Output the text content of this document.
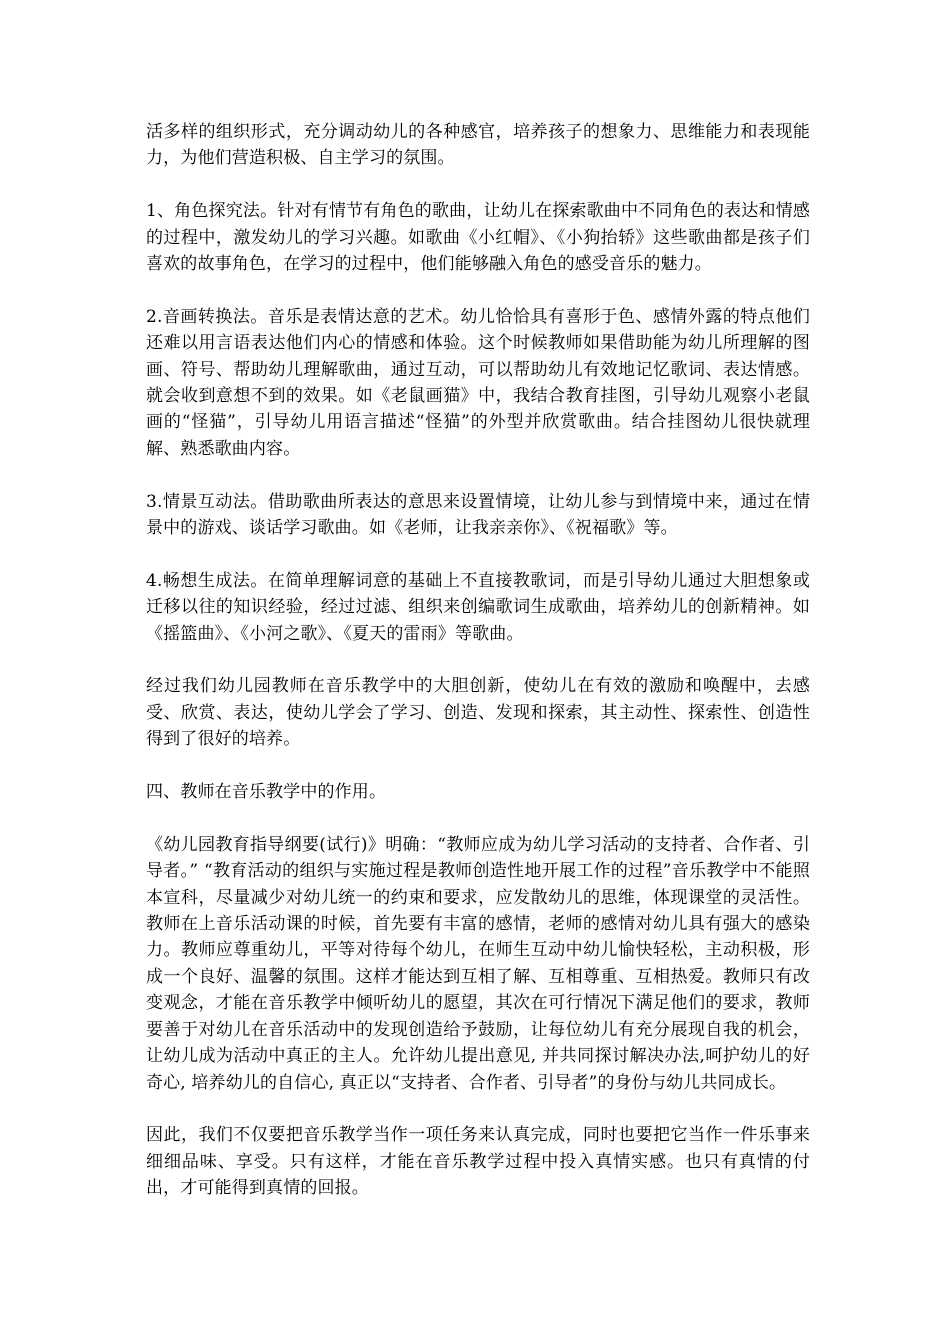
活多样的组织形式，充分调动幼儿的各种感官，培养孩子的想象力、思维能力和表现能力，为他们营造积极、自主学习的氛围。

1、角色探究法。针对有情节有角色的歌曲，让幼儿在探索歌曲中不同角色的表达和情感的过程中，激发幼儿的学习兴趣。如歌曲《小红帽》、《小狗抬轿》这些歌曲都是孩子们喜欢的故事角色，在学习的过程中，他们能够融入角色的感受音乐的魅力。

2.音画转换法。音乐是表情达意的艺术。幼儿恰恰具有喜形于色、感情外露的特点他们还难以用言语表达他们内心的情感和体验。这个时候教师如果借助能为幼儿所理解的图画、符号、帮助幼儿理解歌曲，通过互动，可以帮助幼儿有效地记忆歌词、表达情感。就会收到意想不到的效果。如《老鼠画猫》中，我结合教育挂图，引导幼儿观察小老鼠画的“怪猫”，引导幼儿用语言描述“怪猫”的外型并欣赏歌曲。结合挂图幼儿很快就理解、熟悉歌曲内容。

3.情景互动法。借助歌曲所表达的意思来设置情境，让幼儿参与到情境中来，通过在情景中的游戏、谈话学习歌曲。如《老师，让我亲亲你》、《祝福歌》等。

4.畅想生成法。在简单理解词意的基础上不直接教歌词，而是引导幼儿通过大胆想象或迁移以往的知识经验，经过过滤、组织来创编歌词生成歌曲，培养幼儿的创新精神。如《摇篮曲》、《小河之歌》、《夏天的雷雨》等歌曲。

经过我们幼儿园教师在音乐教学中的大胆创新，使幼儿在有效的激励和唤醒中，去感受、欣赏、表达，使幼儿学会了学习、创造、发现和探索，其主动性、探索性、创造性得到了很好的培养。

四、教师在音乐教学中的作用。

《幼儿园教育指导纲要(试行)》明确：“教师应成为幼儿学习活动的支持者、合作者、引导者。” “教育活动的组织与实施过程是教师创造性地开展工作的过程”音乐教学中不能照本宣科，尽量减少对幼儿统一的约束和要求，应发散幼儿的思维，体现课堂的灵活性。教师在上音乐活动课的时候，首先要有丰富的感情，老师的感情对幼儿具有强大的感染力。教师应尊重幼儿，平等对待每个幼儿，在师生互动中幼儿愉快轻松，主动积极，形成一个良好、温馨的氛围。这样才能达到互相了解、互相尊重、互相热爱。教师只有改变观念，才能在音乐教学中倾听幼儿的愿望，其次在可行情况下满足他们的要求，教师要善于对幼儿在音乐活动中的发现创造给予鼓励，让每位幼儿有充分展现自我的机会，让幼儿成为活动中真正的主人。允许幼儿提出意见, 并共同探讨解决办法,呵护幼儿的好奇心, 培养幼儿的自信心, 真正以“支持者、合作者、引导者”的身份与幼儿共同成长。

因此，我们不仅要把音乐教学当作一项任务来认真完成，同时也要把它当作一件乐事来细细品味、享受。只有这样，才能在音乐教学过程中投入真情实感。也只有真情的付出，才可能得到真情的回报。
